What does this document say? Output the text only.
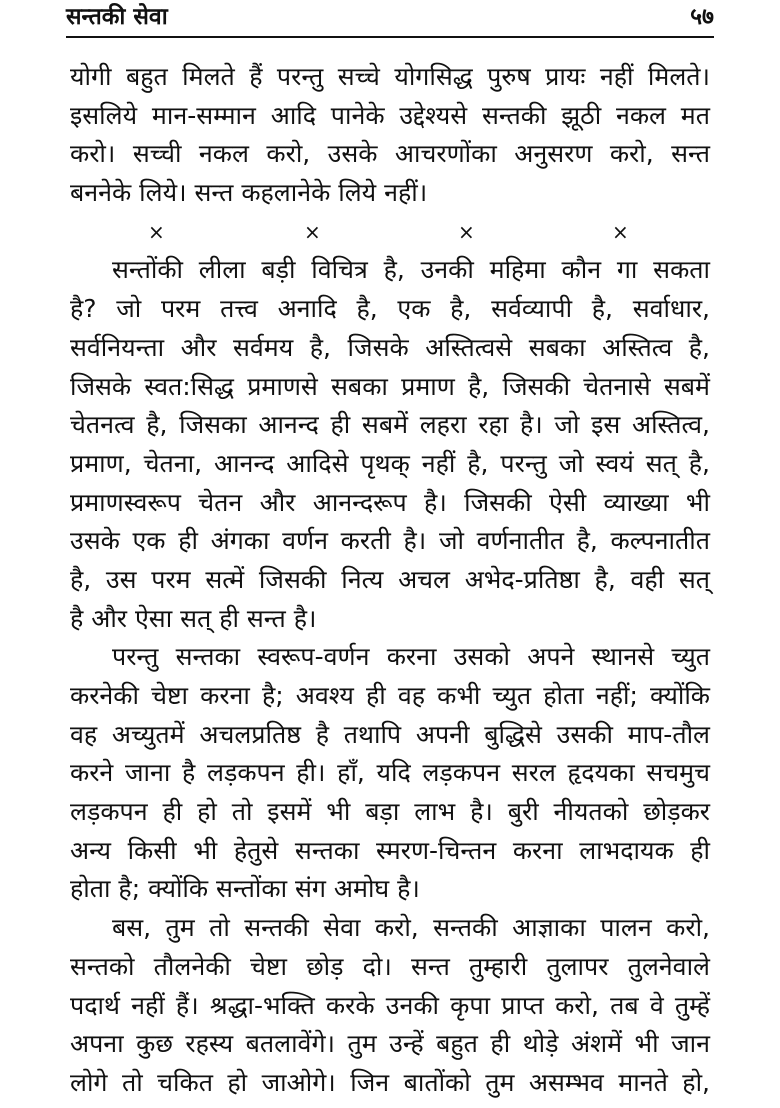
सन्तकी सेवा	५७
योगी बहुत मिलते हैं परन्तु सच्चे योगसिद्ध पुरुष प्रायः नहीं मिलते।
इसलिये मान-सम्मान आदि पानेके उद्देश्यसे सन्तकी झूठी नकल मत
करो। सच्ची नकल करो, उसके आचरणोंका अनुसरण करो, सन्त
बननेके लिये। सन्त कहलानेके लिये नहीं।
×	×	×	×
सन्तोंकी लीला बड़ी विचित्र है, उनकी महिमा कौन गा सकता
है? जो परम तत्त्व अनादि है, एक है, सर्वव्यापी है, सर्वाधार,
सर्वनियन्ता और सर्वमय है, जिसके अस्तित्वसे सबका अस्तित्व है,
जिसके स्वत:सिद्ध प्रमाणसे सबका प्रमाण है, जिसकी चेतनासे सबमें
चेतनत्व है, जिसका आनन्द ही सबमें लहरा रहा है। जो इस अस्तित्व,
प्रमाण, चेतना, आनन्द आदिसे पृथक् नहीं है, परन्तु जो स्वयं सत् है,
प्रमाणस्वरूप चेतन और आनन्दरूप है। जिसकी ऐसी व्याख्या भी
उसके एक ही अंगका वर्णन करती है। जो वर्णनातीत है, कल्पनातीत
है, उस परम सत्में जिसकी नित्य अचल अभेद-प्रतिष्ठा है, वही सत्
है और ऐसा सत् ही सन्त है।
परन्तु सन्तका स्वरूप-वर्णन करना उसको अपने स्थानसे च्युत
करनेकी चेष्टा करना है; अवश्य ही वह कभी च्युत होता नहीं; क्योंकि
वह अच्युतमें अचलप्रतिष्ठ है तथापि अपनी बुद्धिसे उसकी माप-तौल
करने जाना है लड़कपन ही। हाँ, यदि लड़कपन सरल हृदयका सचमुच
लड़कपन ही हो तो इसमें भी बड़ा लाभ है। बुरी नीयतको छोड़कर
अन्य किसी भी हेतुसे सन्तका स्मरण-चिन्तन करना लाभदायक ही
होता है; क्योंकि सन्तोंका संग अमोघ है।
बस, तुम तो सन्तकी सेवा करो, सन्तकी आज्ञाका पालन करो,
सन्तको तौलनेकी चेष्टा छोड़ दो। सन्त तुम्हारी तुलापर तुलनेवाले
पदार्थ नहीं हैं। श्रद्धा-भक्ति करके उनकी कृपा प्राप्त करो, तब वे तुम्हें
अपना कुछ रहस्य बतलावेंगे। तुम उन्हें बहुत ही थोड़े अंशमें भी जान
लोगे तो चकित हो जाओगे। जिन बातोंको तुम असम्भव मानते हो,
